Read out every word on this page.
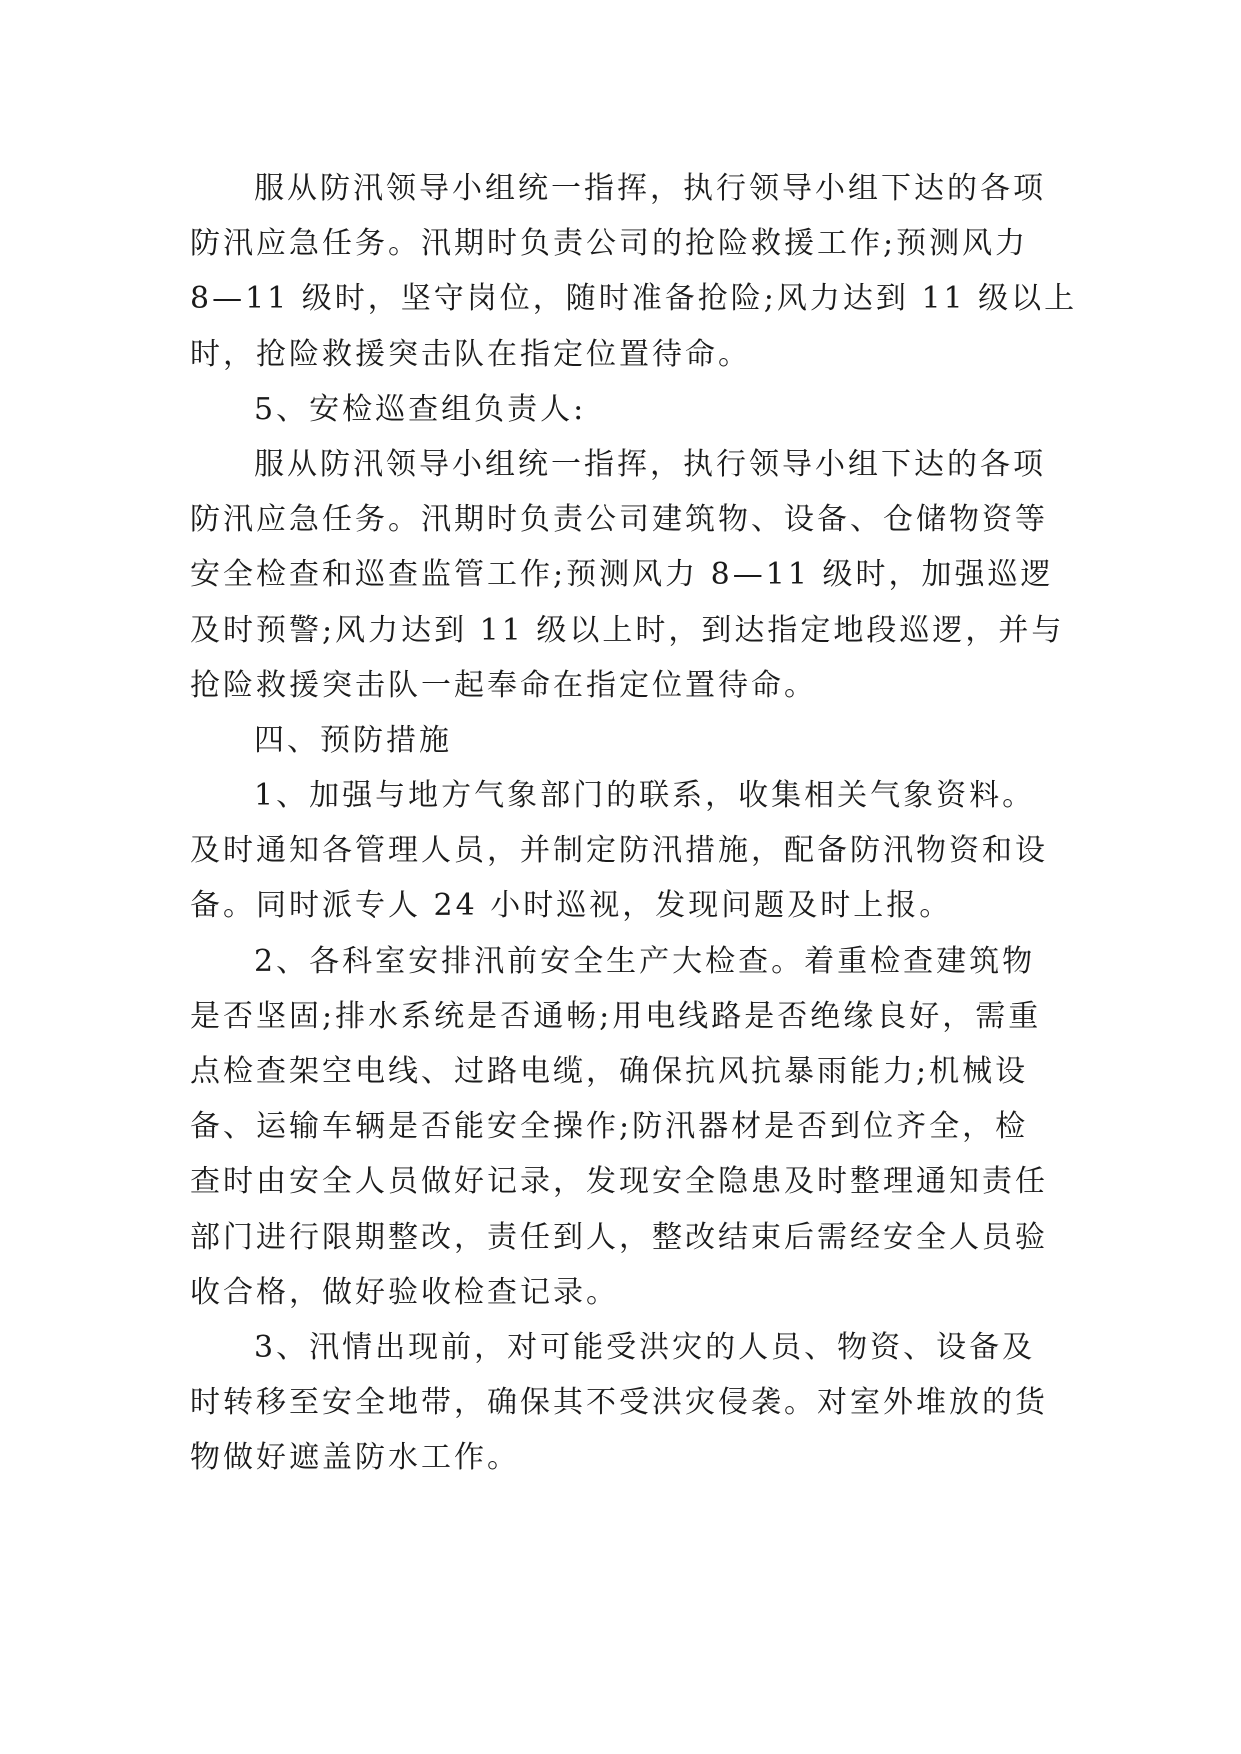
服从防汛领导小组统一指挥，执行领导小组下达的各项
防汛应急任务。汛期时负责公司的抢险救援工作;预测风力
8—11 级时，坚守岗位，随时准备抢险;风力达到 11 级以上
时，抢险救援突击队在指定位置待命。
5、安检巡查组负责人:
服从防汛领导小组统一指挥，执行领导小组下达的各项
防汛应急任务。汛期时负责公司建筑物、设备、仓储物资等
安全检查和巡查监管工作;预测风力 8—11 级时，加强巡逻
及时预警;风力达到 11 级以上时，到达指定地段巡逻，并与
抢险救援突击队一起奉命在指定位置待命。
四、预防措施
1、加强与地方气象部门的联系，收集相关气象资料。
及时通知各管理人员，并制定防汛措施，配备防汛物资和设
备。同时派专人 24 小时巡视，发现问题及时上报。
2、各科室安排汛前安全生产大检查。着重检查建筑物
是否坚固;排水系统是否通畅;用电线路是否绝缘良好，需重
点检查架空电线、过路电缆，确保抗风抗暴雨能力;机械设
备、运输车辆是否能安全操作;防汛器材是否到位齐全，检
查时由安全人员做好记录，发现安全隐患及时整理通知责任
部门进行限期整改，责任到人，整改结束后需经安全人员验
收合格，做好验收检查记录。
3、汛情出现前，对可能受洪灾的人员、物资、设备及
时转移至安全地带，确保其不受洪灾侵袭。对室外堆放的货
物做好遮盖防水工作。
